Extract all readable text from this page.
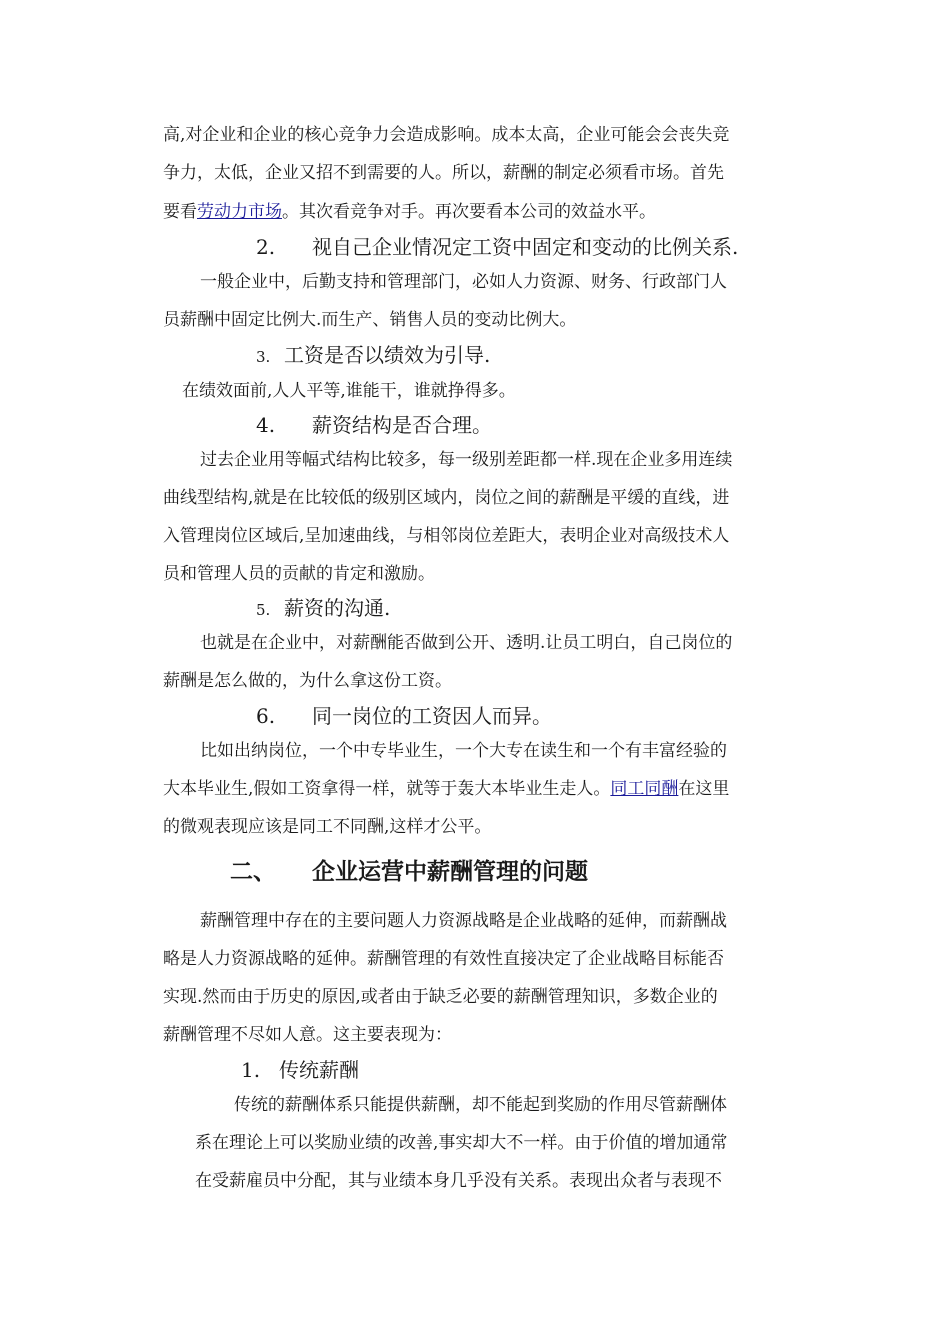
高,对企业和企业的核心竞争力会造成影响。成本太高，企业可能会会丧失竞
争力，太低，企业又招不到需要的人。所以，薪酬的制定必须看市场。首先
要看劳动力市场。其次看竞争对手。再次要看本公司的效益水平。
2. 视自己企业情况定工资中固定和变动的比例关系.
一般企业中，后勤支持和管理部门，必如人力资源、财务、行政部门人
员薪酬中固定比例大.而生产、销售人员的变动比例大。
3. 工资是否以绩效为引导.
在绩效面前,人人平等,谁能干，谁就挣得多。
4. 薪资结构是否合理。
过去企业用等幅式结构比较多，每一级别差距都一样.现在企业多用连续
曲线型结构,就是在比较低的级别区域内，岗位之间的薪酬是平缓的直线，进
入管理岗位区域后,呈加速曲线，与相邻岗位差距大，表明企业对高级技术人
员和管理人员的贡献的肯定和激励。
5. 薪资的沟通.
也就是在企业中，对薪酬能否做到公开、透明.让员工明白，自己岗位的
薪酬是怎么做的，为什么拿这份工资。
6. 同一岗位的工资因人而异。
比如出纳岗位，一个中专毕业生，一个大专在读生和一个有丰富经验的
大本毕业生,假如工资拿得一样，就等于轰大本毕业生走人。同工同酬在这里
的微观表现应该是同工不同酬,这样才公平。
二、 企业运营中薪酬管理的问题
薪酬管理中存在的主要问题人力资源战略是企业战略的延伸，而薪酬战
略是人力资源战略的延伸。薪酬管理的有效性直接决定了企业战略目标能否
实现.然而由于历史的原因,或者由于缺乏必要的薪酬管理知识，多数企业的
薪酬管理不尽如人意。这主要表现为：
1. 传统薪酬
传统的薪酬体系只能提供薪酬，却不能起到奖励的作用尽管薪酬体
系在理论上可以奖励业绩的改善,事实却大不一样。由于价值的增加通常
在受薪雇员中分配，其与业绩本身几乎没有关系。表现出众者与表现不
